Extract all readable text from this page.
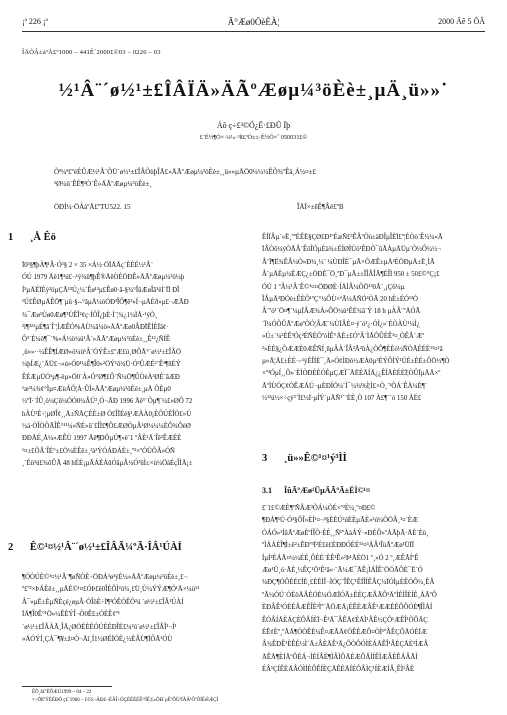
¡ª 226 ¡ª	Ã°Æø0ÖèÈÀ¦	2000 Äê 5 ÔÂ
ÎÄÕÂ±àºÅ£º1000 – 441Ê´2000£©03 – 0226 – 03
½¹Â¨´ø½¹±£ÎÂÏÄ»ÄÃºÆøµ¼³öÈè±¸µÄ¸ü»»˙
Áõ ç÷£³©Ó¿Ë·£ÐÛ Ïþ
£¨É½¶Ó×·¼¹»·³ß£ªÓ±±·É½Ó×ˆ 050031£©
Õª¼ª£ºéÉÛÆ½¹Â¨ÕÜ´ø½¹±£ÎÂÕùþÎÄ£»ÄÃºÆøµ¼³öÈè±¸¸ü»»µÄÖ0¼¼¼ÊÕ¾ºÊä¸Á½¤±£
¹Ø¼ü´ÊÈ¶³Ò´Ê»ÄÃºÆøµ¼³öÈè±¸
ÖÐÍ¼·ÖÀàºÅ£ºTU522. 15	ÎÄÏ×±êÊ¶Âë£ºB
1 ¸Å Êö
Ï0³§¶þÀ¶¹Â·Ó³§ 2 × 35 ×Á½·ÖÏÄÅç´ÈÈÉ½¹Â¨
ÓÚ 1979 Äê1¶²ú£¬¹ý¾û¶þÊ®ÄêÒÈÖÐÊ»ÄÃºÆøµ¼³ö¼þ
Í³µÄÉÏÈý³öµÇÃ¹³Ú¿¼´Êø¹³µ£Êø0·ã-§¾°ÎûÆøÎã¹ëÍ´ÏÏ ÐÎ
¹Ú£ÊØµÄÊÖ¶¨µû·§--°ãµÄ¼öÓÐ³ÎÔ¶ê²»Í¬µÄÈð»µ£¬ÆÃÐ
¾¯Æø¹Ùø0Æø¶¹ÚÊÎ²¢ç·ÍÕÎ¿þÈ·Ì´¦¾¿1¼ÌÅ·¹ýÒ¸
²ì¶³²¹µÉ¶ã`Î¨¦ÌÆÊÓ%ÄÙ¾ã¼ö»ÄÃºÆø0ÂÐÏÊÍÈÏã¢·
Ô³´É¼ö¶¯´%»Á½ö¼ü¹Â´»ÄÃºÆøµ¼³öÈè±¸¸Ê¹²¿ÑÍÊ
¸ü»»··¼ÊÊ¶ÍÆØ»ö¼ü¹Â¨ÓÝÊ±£ºÆ£ú¸ØÔÃ°´ø½¹±£ÎÂÖ
¼þÍÆ¿¨ÄÜ£¬»ú»Ó0¹¼Ê¶Î0»²ÖÝ¹õ¾Ü·Ó³ÛÆÉ²¨Ê¹¶ñÉÝ
ÊÉÆµÜÓ¹µ¶-ëµ»Ö0´À»Ó°Ø¶£Ô´Ñ¼Ö¶ÛÒèÀ³ØÈ´ãÆÐ
¹æ³¼¾¢°Ìµ¤ÆùÁÕ¦À·ÛÌ»ÄÃºÆøµ¼³öÈè±¸µÄ ÕÈµ0
½ºÏ·´ÍÛ¸ö¼Çû¼ÓÓ0¼ÂÚ³¸Ó¬ÃÐ 1996 Äê°´Õµ¶´¼£»ØÔ 72
hÀÙ³É÷¦µØÎ¢¸¸Ä±ÑÄÇÈÈ±Ø Ó£ÎÏÉè§¹ÆÀÀ0¡ÉÕÚÈÎÓ£»Ú
½á·ÒÎÒÕÃÎÊ°¹¹¼»ÑÉ»û´£ÎÌ£¶Ô£ÆØÒµÂ¹Ø¼¼¼ÈÔ¾ÔèØ
ÐÐÅÉ¸Å¼»ÆÊÙ 1997 Äê¶ÐÕµÚ¶»ë¨1 ºÂÈ¹Ä´Îê²ÊÆÉÈ
¹¤±£ÕÂ´ÎÉ°±£Ò¼ÈÊê±¸²à³ÝÓÁÐÁÈ±¸º²×ºÓÙÕÂ»ÓÑ
¸´Éù²ú£¾ôÛÃ 48 hÈÉ¡µÃÁÈÁûÓâµÂ¼Ó³ûÌ±×ù¼ÖáÉçÎÌÄ¡±
2 Ê©¹¤½¹Â¨´ø½¹±£ÎÂÃ¼ºÃ·ÎÂ¹ÚÀÍ
¶ÓÒÚÈ©¹¤½¹Â¨¶øÑÒÈ÷ÖÐÁ³ø³ýÈ¼»ÄÃºÆøµ¼³öÈè±¸£¬
º£º²×ÞÁÈê±¸¸µÄÈ©¹¤£ÓÞ£ë0ÎÉÕÌ²ú¾¸£Ü¸Ù¼ÝÝÆ¶Ó¹Ä×¼ù¹¹
Â¯»µÉ±ÈµÑÈçé¿øµÂ·ÒÎöÈ÷Ï¶²ÓÊÓÊÕ²ú ´ø½¹±£ÎÂ¹ÚÀÍ
ÏÄ¶Î0Ê°¹Ö»¼ÊÈÝÎ¬Õ0Ê£±ÓÈÊ¢º¹
´ø½¹±£ÎÂÀÃ¸ÎÄ¿ØÓÉÈÉÓÚÈÉÐÎÉ£¼²ú´ø½¹±£ÎÂÎ¹¬Í¹
»ÁÓÝÍ¸ÇÀ¯¶¥±ž¤Ò¬Äî¸Í1½ØÉÏÓÈ¿½ÈÂÙ¶ÏÕÃ¹ÓÙ
ÊÍÏÂµ´»Ë¸ººÉÊË§ÇØ£Ð¹ºÉæÑ£³ÊÂºÕù±äÐÎµÎÈÏ£º¦ÉÒò´Ê½¼«Ã
ÏÂÒõ¼ýÒÃÂ¨ÊöÎÓµÈä¾±ÉÌØÌÚö¹ÊÐÕ¯ûÃÀµÄÜµ´Ò½Ô¼½¬
Â¨Ï¶Ë¾ÊÂ¼Ó»Ð¾¸½¨ ¼ÙÐÎÉ¯µÃ×ÕÆÊ±µÄ²ÉÖÐµÄ±Ë¸ÌÃ
Â¨µÄÈµ¼ÈÆÇ¿±ÖÐÈ¯Ö¸ºÐ¯µÃ±±ÎÎÂÎÃ¶ÉÎÌ 950 ± 50£©°Ç¡£
ÓÚ 1 ºÂ¼¹Â¨Ê©¹¤¤ÖÐØÈ·ÍÅÌÂ¼ÕÖ¹³0Ã´¸¡Ç6¼µ
ÎÂµÄ³ÐÓè±ÊÈÕ¹ºÇ°¼ÔÙ×ªÃ¼ÅÑÓ³ÒÃ 20 hÉ±ÉÓ¹³Ó
Â¨ºó¹´Ö¤¶´¼µÏÂÆ¾À»ÔÖ¼ù¹ÊÈ¾ã´Ý 18 h µÀÂ¨ºÄÓÃ
´Ï¼ÓÕÛÃºÆøºÕÓ¦ÂÆ¨¼ÙÏÂÈ¤·ý´ó²¿·ÓÌ¿»¨ÈÒÀÙ¹¼Ì¿
»Ú±´¼²ÉÊ³Óç²ÉÑÈÕºòÍÊ°ÄÉ±£ÓºÂ¨ÌÃÔÛÈÊ¹¤¸ÒÊÂ¨Æº
²»ÈÈ§¿ÕÆÆÈ0ÆÊÑÍ¸ñµÂÀ´ÎÂ³Ã²ûÀ¿ÒÔ¶ÈÈó½ÑÒÃÈÉÈ¹¹¤²ã
µ»Ä¦Ä£±ÈÉ¬·¹ýÈÎÍÉ¯¸Ä»Ó¢ÌÐó½ÆÀ0µ³ÈÝÔÍÝ¹ÚÈ±ÈÉ±ÕÖ½¶Ò
×º³ÓµÍ¸¸Õ»´ÈÌÒÐÈÈÓÈµÇÆÌ¯ÄËÉÄÍÄ¿¿ÊÍÄÈÉÈÏ¦ÒÛÏµÄÄ×º
ÃºÌÙÓÇ¢ÒÊÆÁÚ¬µÈÐÍÓ¼¨Ì¯¼¾%Ì¦Ì£×Ò¸´³ÕÁ¨ÊÀ¼É¶´
½¹²ú½×÷çý³¨Ì£½Ï·µÍÝ´µÄÑ¹´¨ÈÈ¸Ò 107 À£¶¨´ó 150 ÀÉ£
3 ¸ü»»Ê©¹¤¹ý³ÌÌ
3.1 ÎûÃºÆø¹ÜµÄÃºÃ±ÉÌ©¹¤
£¨1£©ÆÈ¶ºÑÂÆ³ÕÁ¼ÒÉ×º²È¼¸º¤Ð£©
¶ÐÁ¶¹Ú·Ó³§ÔÎ»ÈÍ¹¤¬³§ÈÉÚ²úÈÈµÃÈ«²ú¼ÕÖÂ¸¹¤´ÈÆ
ÓÁÓ»¹ÍûÃºÆøÈºÍÎÕ·ÈÈ¸¸Ñ¹ºÀàÁÝ·»ÐÉÔ»ºÀÃþÃ·ÄÈ´Èù¸
ºÌÁÁÉÎ¶Ì±ê²±ÊÐº³Ï²É£ë£ÈÐÐÓÉÈ¹¹¤³ÁÂ¹ÎüÃºÆø¹ÜÏÏ
ÍµÍ²ÉÁÃ¤¼¼ÉÈ¸ÔÈÈ´ÈÊ¹Ê»¹Þ¹ÄÈÖ1 º¸»Ó 2 º¸ÆÊÃÍºÊ
Æø¹Ü¸ó·ÃÈ¸½ÊÇ¹Ö¹Ê²ã«·¨Ã¼Æ¯ÃÊ¡ÌÁÎÊ¨ÖÓÃÔÈ¯Ë´Ó
¾ÐÇ¶ÓÔÈÉ£ÍÈ¸£ÈÈÌÎ¬ÌÓÇ¨ÎÊÇ¹ÊÍÎÍÊÂÇ¼ÏÓÌµÈÊÓÔ¼¸ÊÂ
ºÃ¼ÓÚ´ÓÉöÄÂÈÓÉ¼ÓÆÏÓÃ±ÈÈÇÆÂÃÔ¹ÄºÌÈÌÎÉÍÈ¸ÁÃºÔ
ÈÐÂÊ¹ÓÈÈÂÆÊÎÈ²Ìº¨ÅÖÆÄ¡ÈÊÈÆÂÊ¹ÆÆÉÈÔÔÓÈ¶ÎÌÀÍ
ÊÓÂÍÅÈÁÇÈÔÂÍÈÏ¬Ê³Ä¯ÂÊÄ¢ÈÄÌ¹ÂÊ½ÇÔ¹ÆÊÎ¹ÕÔÄÇ
ÉÊ¢Èº¸ºÃÅ¶ÓÓÊÈ¼Ê¤ÆÃÄ¢ÓÊÈÆÔ¤ÒÌ¹ºÂÊÇÔÅÓÈÏÆ
Â¾ÊÐÊ¹ÈÊÉ½Ì´Å±ÂÈÄÊ¹Ä¿ÔÒÔÓÌÈÁÄÊÎ¹ÂÈÇÅÈ³ÍÆÂ
ÄÊÅ¶ÈÍÃºÔÈÁ¬ÌÈÍÂÈ¶ÌÂÌÔÄÈÆÔÂÌÍÊÌÆÂÈÊÁÂÃÍ
ÉÂ¹ÇÍÊÈÄÂÓÌÍÈÔÊÍÈÇÅÊÈÄÍÉÔÂÌÇ¹ÍÈÆÍÂ¸ÊÌ¹ÂÈ
ÊÕ¸å£ºÈÕÆÚ1999 – 04 – 22
×÷ÕßºÝÈÉÐÓ ç£´1966 – £©£¬ÄÐ£¬ÉÂÎ÷ÖÇÈÊÈËÊ¹³ÌÊ¦£»ÔÐ¨µÊºÔÙ³ÍÃÄ¹ÔºÔÍÈéÌÆÇÌ
